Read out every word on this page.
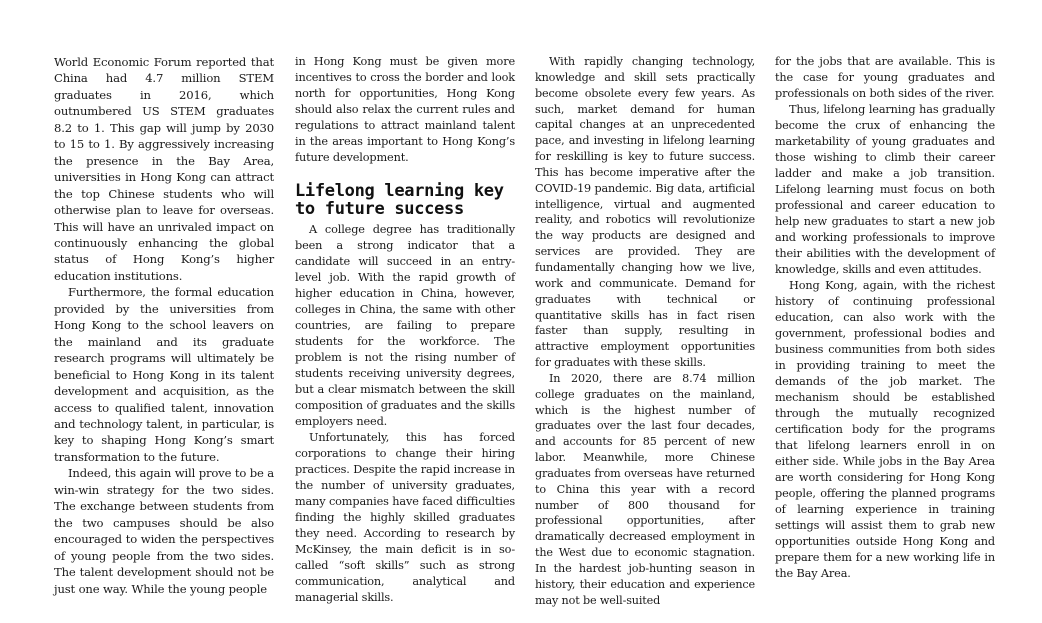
World Economic Forum reported that China had 4.7 million STEM graduates in 2016, which outnumbered US STEM graduates 8.2 to 1. This gap will jump by 2030 to 15 to 1. By aggressively increasing the presence in the Bay Area, universities in Hong Kong can attract the top Chinese students who will otherwise plan to leave for overseas. This will have an unrivaled impact on continuously enhancing the global status of Hong Kong’s higher education institutions.

Furthermore, the formal education provided by the universities from Hong Kong to the school leavers on the mainland and its graduate research programs will ultimately be beneficial to Hong Kong in its talent development and acquisition, as the access to qualified talent, innovation and technology talent, in particular, is key to shaping Hong Kong’s smart transformation to the future.

Indeed, this again will prove to be a win-win strategy for the two sides. The exchange between students from the two campuses should be also encouraged to widen the perspectives of young people from the two sides. The talent development should not be just one way. While the young people

in Hong Kong must be given more incentives to cross the border and look north for opportunities, Hong Kong should also relax the current rules and regulations to attract mainland talent in the areas important to Hong Kong’s future development.

Lifelong learning key to future success

A college degree has traditionally been a strong indicator that a candidate will succeed in an entry-level job. With the rapid growth of higher education in China, however, colleges in China, the same with other countries, are failing to prepare students for the workforce. The problem is not the rising number of students receiving university degrees, but a clear mismatch between the skill composition of graduates and the skills employers need.

Unfortunately, this has forced corporations to change their hiring practices. Despite the rapid increase in the number of university graduates, many companies have faced difficulties finding the highly skilled graduates they need. According to research by McKinsey, the main deficit is in so-called “soft skills” such as strong communication, analytical and managerial skills.

With rapidly changing technology, knowledge and skill sets practically become obsolete every few years. As such, market demand for human capital changes at an unprecedented pace, and investing in lifelong learning for reskilling is key to future success. This has become imperative after the COVID-19 pandemic. Big data, artificial intelligence, virtual and augmented reality, and robotics will revolutionize the way products are designed and services are provided. They are fundamentally changing how we live, work and communicate. Demand for graduates with technical or quantitative skills has in fact risen faster than supply, resulting in attractive employment opportunities for graduates with these skills.

In 2020, there are 8.74 million college graduates on the mainland, which is the highest number of graduates over the last four decades, and accounts for 85 percent of new labor. Meanwhile, more Chinese graduates from overseas have returned to China this year with a record number of 800 thousand for professional opportunities, after dramatically decreased employment in the West due to economic stagnation. In the hardest job-hunting season in history, their education and experience may not be well-suited

for the jobs that are available. This is the case for young graduates and professionals on both sides of the river.

Thus, lifelong learning has gradually become the crux of enhancing the marketability of young graduates and those wishing to climb their career ladder and make a job transition. Lifelong learning must focus on both professional and career education to help new graduates to start a new job and working professionals to improve their abilities with the development of knowledge, skills and even attitudes.

Hong Kong, again, with the richest history of continuing professional education, can also work with the government, professional bodies and business communities from both sides in providing training to meet the demands of the job market. The mechanism should be established through the mutually recognized certification body for the programs that lifelong learners enroll in on either side. While jobs in the Bay Area are worth considering for Hong Kong people, offering the planned programs of learning experience in training settings will assist them to grab new opportunities outside Hong Kong and prepare them for a new working life in the Bay Area.
